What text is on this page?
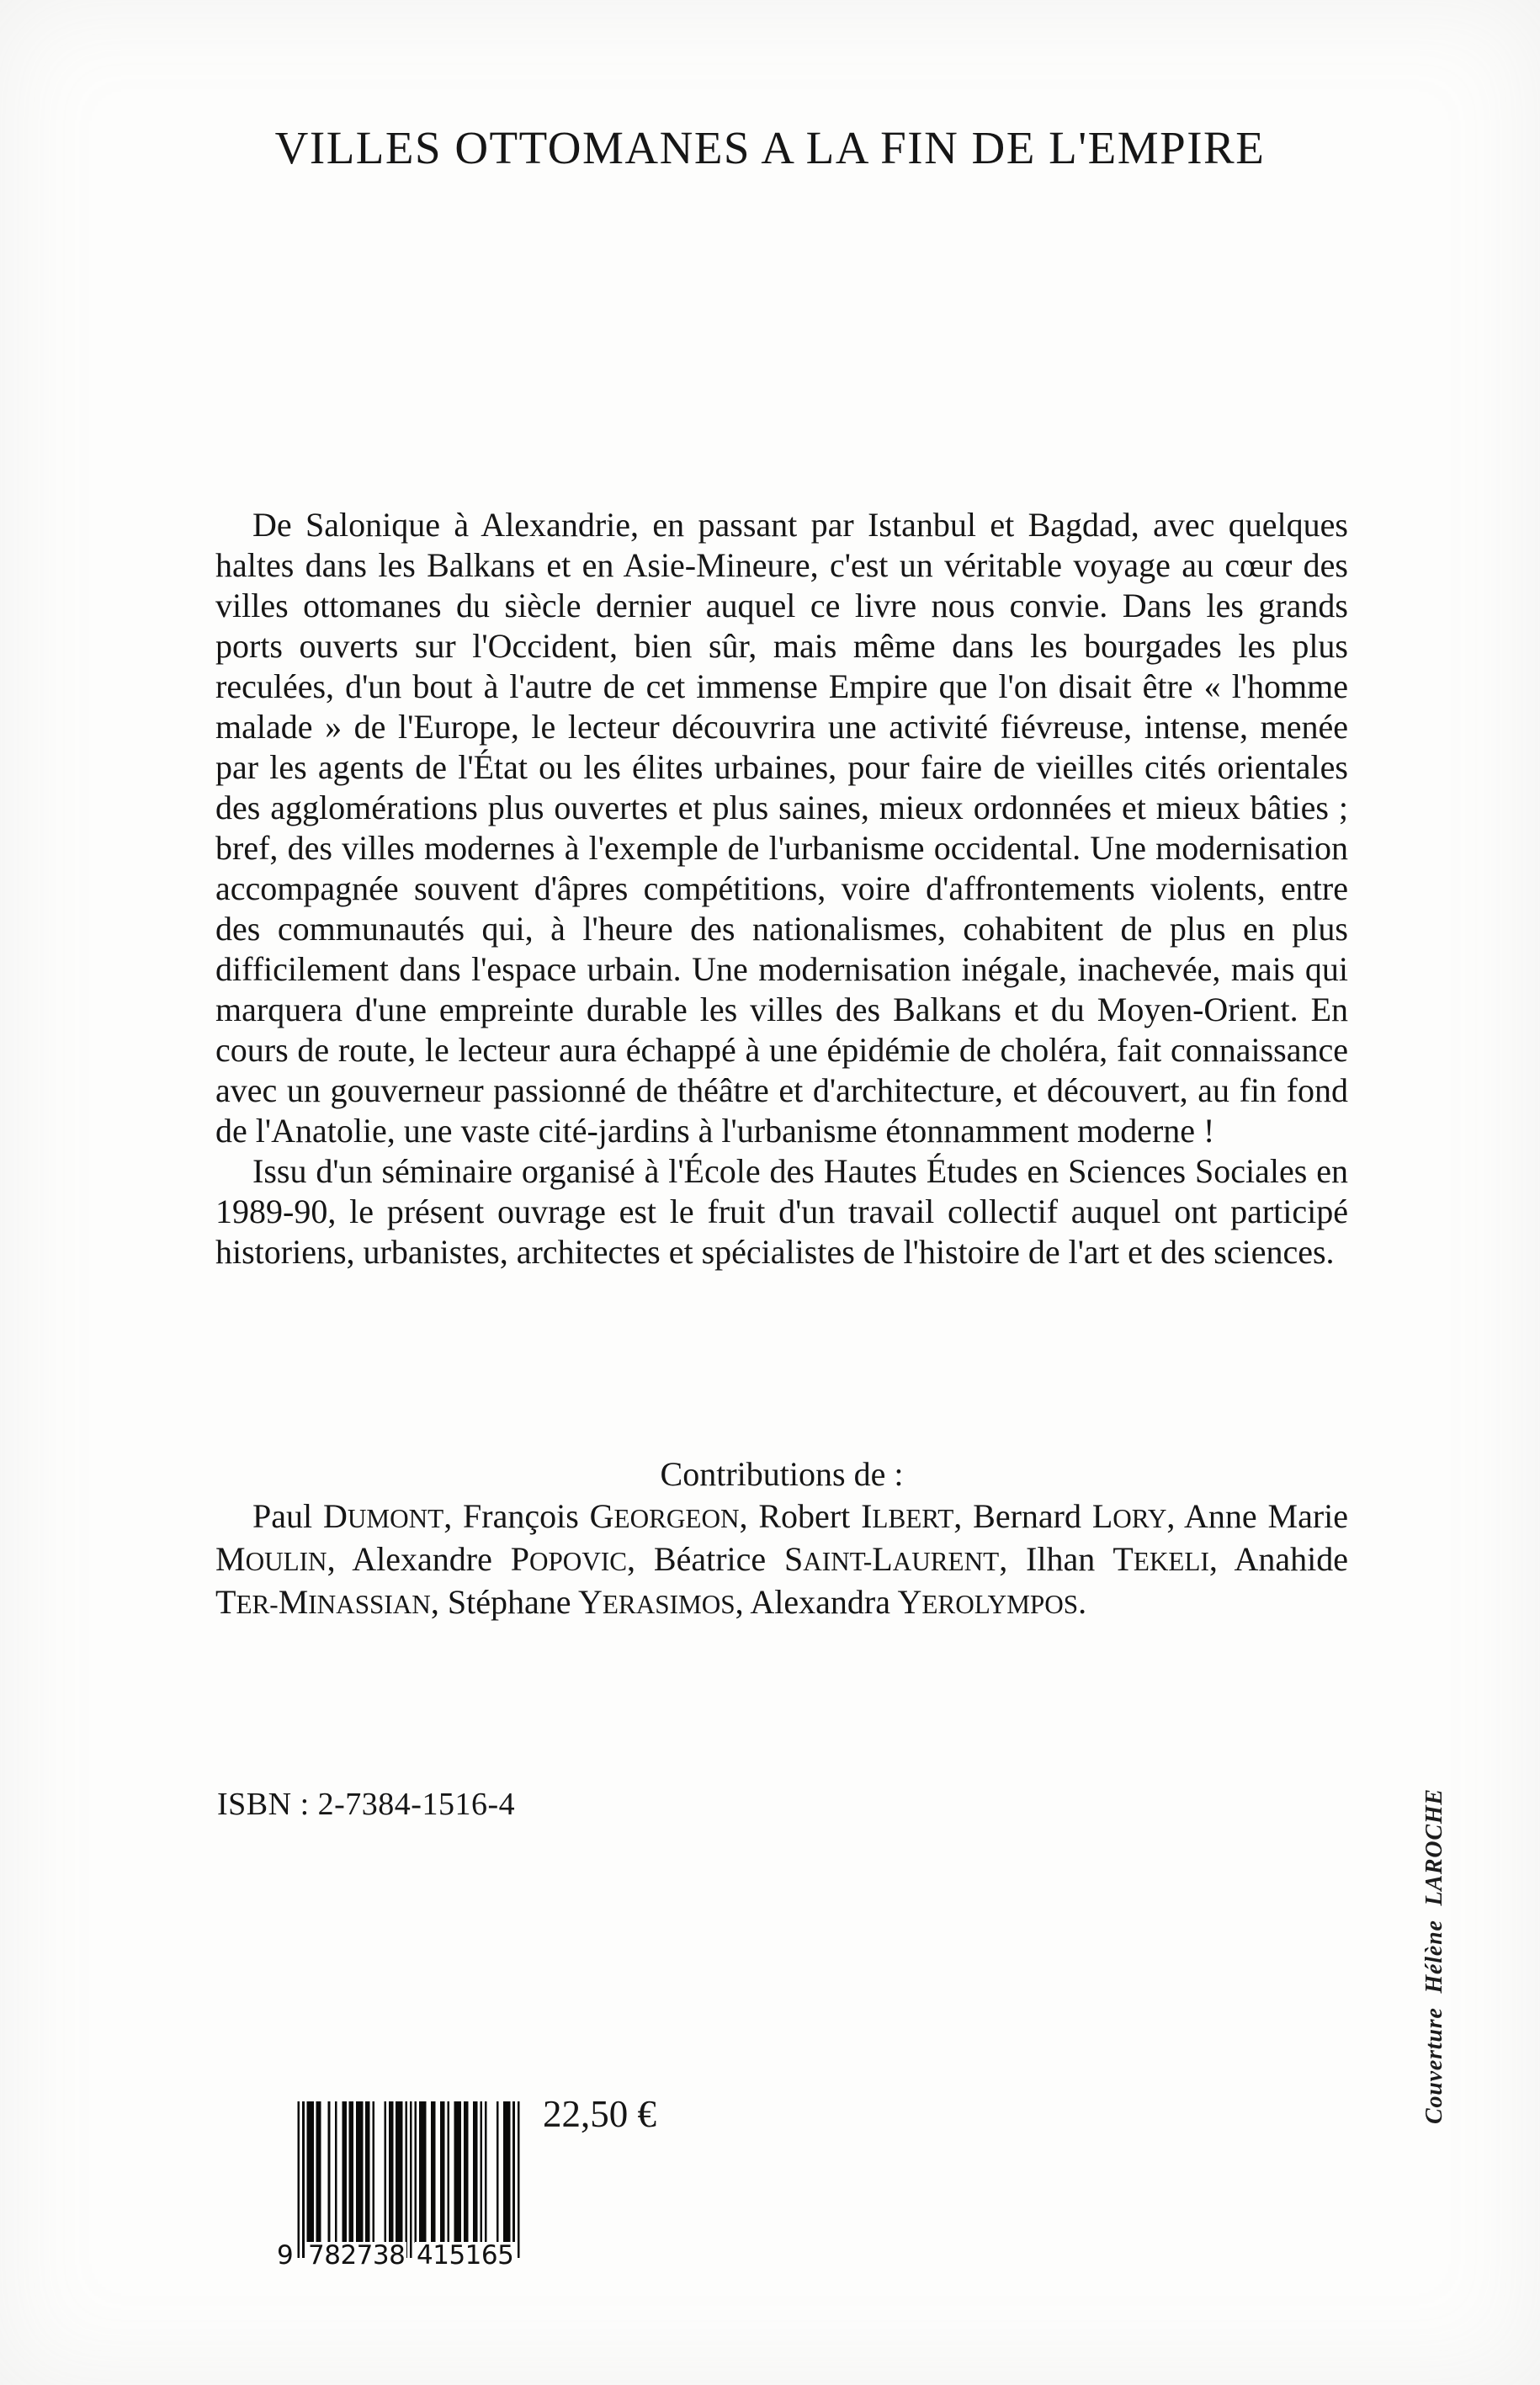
VILLES OTTOMANES A LA FIN DE L'EMPIRE

De Salonique à Alexandrie, en passant par Istanbul et Bagdad, avec quelques haltes dans les Balkans et en Asie-Mineure, c'est un véritable voyage au cœur des villes ottomanes du siècle dernier auquel ce livre nous convie. Dans les grands ports ouverts sur l'Occident, bien sûr, mais même dans les bourgades les plus reculées, d'un bout à l'autre de cet immense Empire que l'on disait être « l'homme malade » de l'Europe, le lecteur découvrira une activité fiévreuse, intense, menée par les agents de l'État ou les élites urbaines, pour faire de vieilles cités orientales des agglomérations plus ouvertes et plus saines, mieux ordonnées et mieux bâties ; bref, des villes modernes à l'exemple de l'urbanisme occidental. Une modernisation accompagnée souvent d'âpres compétitions, voire d'affrontements violents, entre des communautés qui, à l'heure des nationalismes, cohabitent de plus en plus difficilement dans l'espace urbain. Une modernisation inégale, inachevée, mais qui marquera d'une empreinte durable les villes des Balkans et du Moyen-Orient. En cours de route, le lecteur aura échappé à une épidémie de choléra, fait connaissance avec un gouverneur passionné de théâtre et d'architecture, et découvert, au fin fond de l'Anatolie, une vaste cité-jardins à l'urbanisme étonnamment moderne !

Issu d'un séminaire organisé à l'École des Hautes Études en Sciences Sociales en 1989-90, le présent ouvrage est le fruit d'un travail collectif auquel ont participé historiens, urbanistes, architectes et spécialistes de l'histoire de l'art et des sciences.

Contributions de :

Paul DUMONT, François GEORGEON, Robert ILBERT, Bernard LORY, Anne Marie MOULIN, Alexandre POPOVIC, Béatrice SAINT-LAURENT, Ilhan TEKELI, Anahide TER-MINASSIAN, Stéphane YERASIMOS, Alexandra YEROLYMPOS.

ISBN : 2-7384-1516-4
9 782738 415165
22,50 €	Couverture Hélène LAROCHE
